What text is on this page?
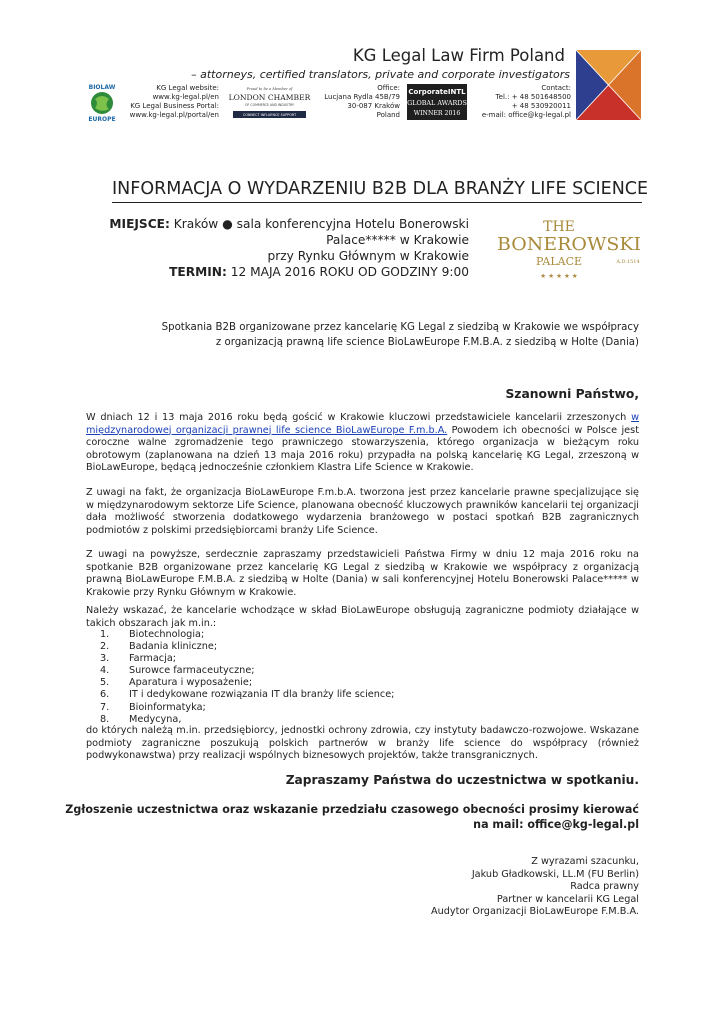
KG Legal Law Firm Poland
– attorneys, certified translators, private and corporate investigators
BIOLAW
EUROPE
KG Legal website:
www.kg-legal.pl/en
KG Legal Business Portal:
www.kg-legal.pl/portal/en
Proud to be a Member of
LONDON CHAMBER
OF COMMERCE AND INDUSTRY
CONNECT INFLUENCE SUPPORT
Office:
Lucjana Rydla 45B/79
30-087 Kraków
Poland
CorporateINTL
GLOBAL AWARDS
WINNER 2016
Contact:
Tel.: + 48 501648500
+ 48 530920011
e-mail: office@kg-legal.pl
INFORMACJA O WYDARZENIU B2B DLA BRANŻY LIFE SCIENCE
MIEJSCE: Kraków ● sala konferencyjna Hotelu Bonerowski
Palace***** w Krakowie
przy Rynku Głównym w Krakowie
TERMIN: 12 MAJA 2016 ROKU OD GODZINY 9:00
THE
BONEROWSKI
PALACE	A.D.1514
★ ★ ★ ★ ★
Spotkania B2B organizowane przez kancelarię KG Legal z siedzibą w Krakowie we współpracy
z organizacją prawną life science BioLawEurope F.M.B.A. z siedzibą w Holte (Dania)
Szanowni Państwo,
W dniach 12 i 13 maja 2016 roku będą gościć w Krakowie kluczowi przedstawiciele kancelarii zrzeszonych w międzynarodowej organizacji prawnej life science BioLawEurope F.m.b.A. Powodem ich obecności w Polsce jest coroczne walne zgromadzenie tego prawniczego stowarzyszenia, którego organizacja w bieżącym roku obrotowym (zaplanowana na dzień 13 maja 2016 roku) przypadła na polską kancelarię KG Legal, zrzeszoną w BioLawEurope, będącą jednocześnie członkiem Klastra Life Science w Krakowie.
Z uwagi na fakt, że organizacja BioLawEurope F.m.b.A. tworzona jest przez kancelarie prawne specjalizujące się w międzynarodowym sektorze Life Science, planowana obecność kluczowych prawników kancelarii tej organizacji dała możliwość stworzenia dodatkowego wydarzenia branżowego w postaci spotkań B2B zagranicznych podmiotów z polskimi przedsiębiorcami branży Life Science.
Z uwagi na powyższe, serdecznie zapraszamy przedstawicieli Państwa Firmy w dniu 12 maja 2016 roku na spotkanie B2B organizowane przez kancelarię KG Legal z siedzibą w Krakowie we współpracy z organizacją prawną BioLawEurope F.M.B.A. z siedzibą w Holte (Dania) w sali konferencyjnej Hotelu Bonerowski Palace***** w Krakowie przy Rynku Głównym w Krakowie.
Należy wskazać, że kancelarie wchodzące w skład BioLawEurope obsługują zagraniczne podmioty działające w takich obszarach jak m.in.:
1.	Biotechnologia;
2.	Badania kliniczne;
3.	Farmacja;
4.	Surowce farmaceutyczne;
5.	Aparatura i wyposażenie;
6.	IT i dedykowane rozwiązania IT dla branży life science;
7.	Bioinformatyka;
8.	Medycyna,
do których należą m.in. przedsiębiorcy, jednostki ochrony zdrowia, czy instytuty badawczo-rozwojowe. Wskazane podmioty zagraniczne poszukują polskich partnerów w branży life science do współpracy (również podwykonawstwa) przy realizacji wspólnych biznesowych projektów, także transgranicznych.
Zapraszamy Państwa do uczestnictwa w spotkaniu.
Zgłoszenie uczestnictwa oraz wskazanie przedziału czasowego obecności prosimy kierować
na mail: office@kg-legal.pl
Z wyrazami szacunku,
Jakub Gładkowski, LL.M (FU Berlin)
Radca prawny
Partner w kancelarii KG Legal
Audytor Organizacji BioLawEurope F.M.B.A.
